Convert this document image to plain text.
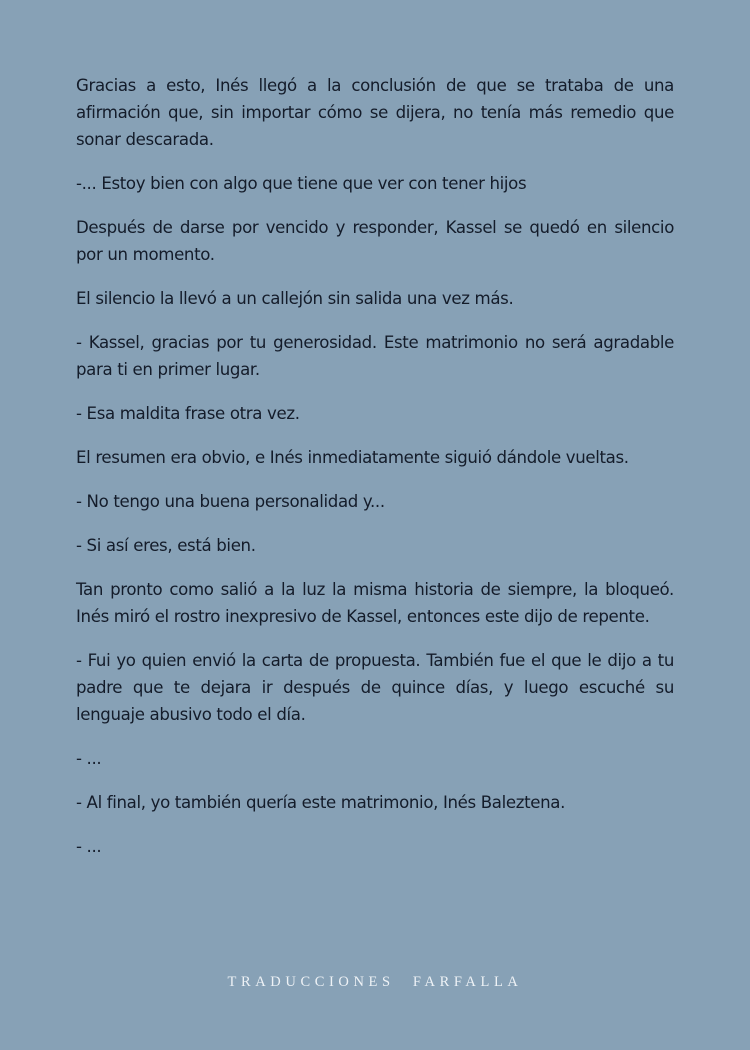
Gracias a esto, Inés llegó a la conclusión de que se trataba de una afirmación que, sin importar cómo se dijera, no tenía más remedio que sonar descarada.

-... Estoy bien con algo que tiene que ver con tener hijos

Después de darse por vencido y responder, Kassel se quedó en silencio por un momento.

El silencio la llevó a un callejón sin salida una vez más.

- Kassel, gracias por tu generosidad. Este matrimonio no será agradable para ti en primer lugar.

- Esa maldita frase otra vez.

El resumen era obvio, e Inés inmediatamente siguió dándole vueltas.

- No tengo una buena personalidad y...

- Si así eres, está bien.

Tan pronto como salió a la luz la misma historia de siempre, la bloqueó. Inés miró el rostro inexpresivo de Kassel, entonces este dijo de repente.

- Fui yo quien envió la carta de propuesta. También fue el que le dijo a tu padre que te dejara ir después de quince días, y luego escuché su lenguaje abusivo todo el día.

- ...

- Al final, yo también quería este matrimonio, Inés Baleztena.

- ...

TRADUCCIONES FARFALLA
